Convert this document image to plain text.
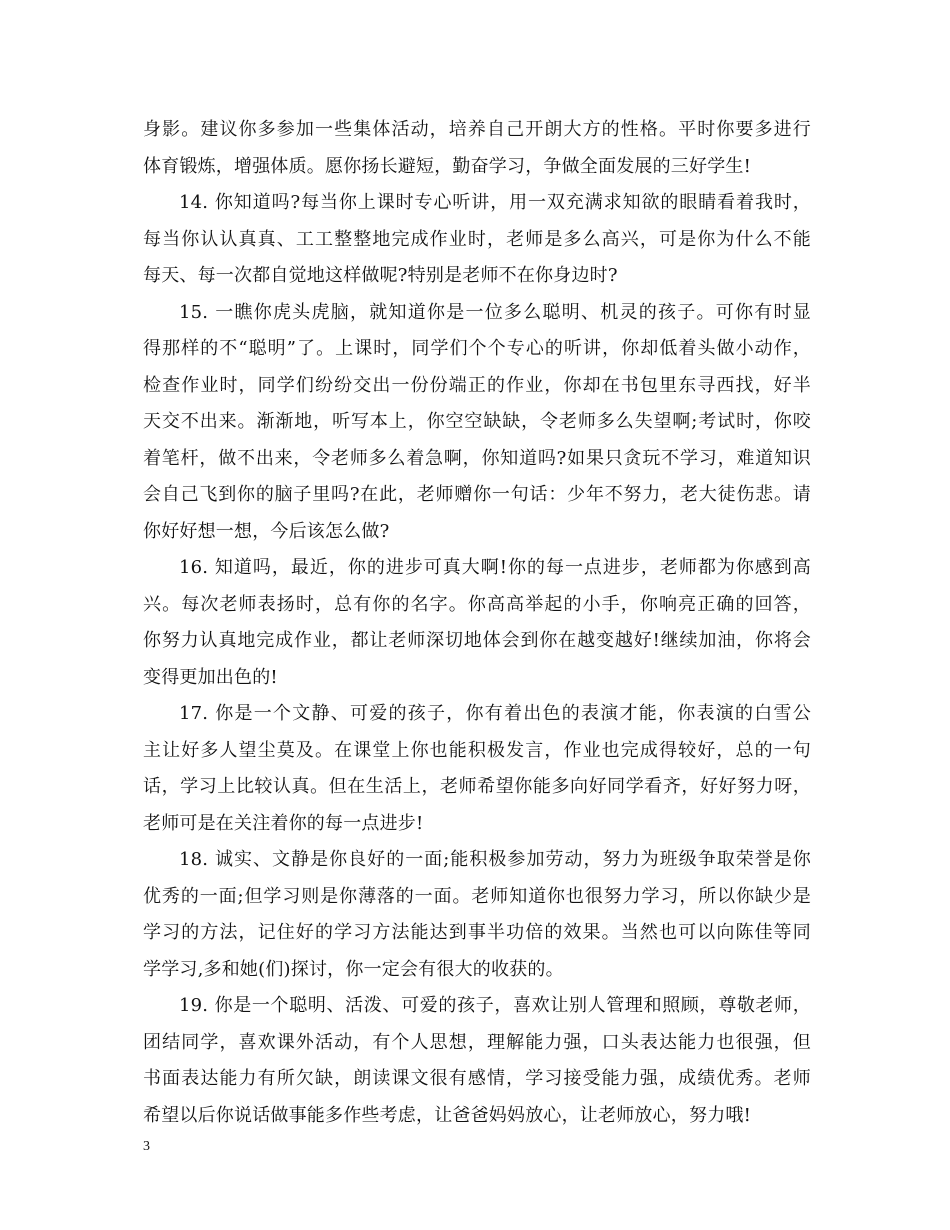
身影。建议你多参加一些集体活动，培养自己开朗大方的性格。平时你要多进行
体育锻炼，增强体质。愿你扬长避短，勤奋学习，争做全面发展的三好学生!

14. 你知道吗?每当你上课时专心听讲，用一双充满求知欲的眼睛看着我时，
每当你认认真真、工工整整地完成作业时，老师是多么高兴，可是你为什么不能
每天、每一次都自觉地这样做呢?特别是老师不在你身边时?

15. 一瞧你虎头虎脑，就知道你是一位多么聪明、机灵的孩子。可你有时显
得那样的不“聪明”了。上课时，同学们个个专心的听讲，你却低着头做小动作，
检查作业时，同学们纷纷交出一份份端正的作业，你却在书包里东寻西找，好半
天交不出来。渐渐地，听写本上，你空空缺缺，令老师多么失望啊;考试时，你咬
着笔杆，做不出来，令老师多么着急啊，你知道吗?如果只贪玩不学习，难道知识
会自己飞到你的脑子里吗?在此，老师赠你一句话：少年不努力，老大徒伤悲。请
你好好想一想，今后该怎么做?

16. 知道吗，最近，你的进步可真大啊!你的每一点进步，老师都为你感到高
兴。每次老师表扬时，总有你的名字。你高高举起的小手，你响亮正确的回答，
你努力认真地完成作业，都让老师深切地体会到你在越变越好!继续加油，你将会
变得更加出色的!

17. 你是一个文静、可爱的孩子，你有着出色的表演才能，你表演的白雪公
主让好多人望尘莫及。在课堂上你也能积极发言，作业也完成得较好，总的一句
话，学习上比较认真。但在生活上，老师希望你能多向好同学看齐，好好努力呀，
老师可是在关注着你的每一点进步!

18. 诚实、文静是你良好的一面;能积极参加劳动，努力为班级争取荣誉是你
优秀的一面;但学习则是你薄落的一面。老师知道你也很努力学习，所以你缺少是
学习的方法，记住好的学习方法能达到事半功倍的效果。当然也可以向陈佳等同
学学习,多和她(们)探讨，你一定会有很大的收获的。

19. 你是一个聪明、活泼、可爱的孩子，喜欢让别人管理和照顾，尊敬老师，
团结同学，喜欢课外活动，有个人思想，理解能力强，口头表达能力也很强，但
书面表达能力有所欠缺，朗读课文很有感情，学习接受能力强，成绩优秀。老师
希望以后你说话做事能多作些考虑，让爸爸妈妈放心，让老师放心，努力哦!

3
